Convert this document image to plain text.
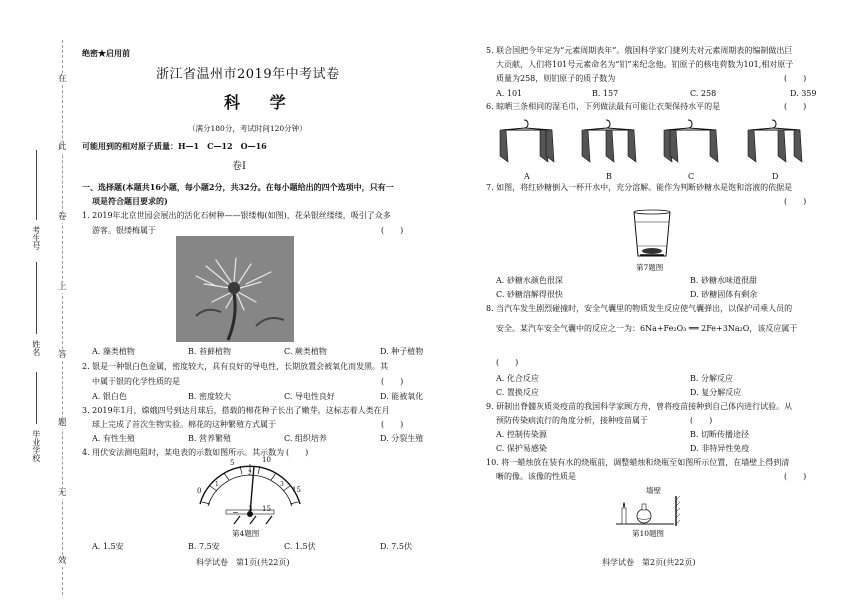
在
此
卷
上
答
题
无
效
考生号
姓名
毕业学校
绝密★启用前
浙江省温州市2019年中考试卷
科 学
（满分180分，考试时间120分钟）
可能用到的相对原子质量：H—1　C—12　O—16
卷Ⅰ
一、选择题(本题共16小题，每小题2分，共32分。在每小题给出的四个选项中，只有一
项是符合题目要求的)
1. 2019年北京世园会展出的活化石树种——银缕梅(如图)，花朵银丝缕缕，吸引了众多
游客。银缕梅属于	(　　)
A. 藻类植物	B. 苔藓植物	C. 蕨类植物	D. 种子植物
2. 银是一种银白色金属，密度较大，具有良好的导电性，长期放置会被氧化而发黑。其
中属于银的化学性质的是	(　　)
A. 银白色	B. 密度较大	C. 导电性良好	D. 能被氧化
3. 2019年1月，嫦娥四号到达月球后，搭载的棉花种子长出了嫩芽，这标志着人类在月
球上完成了首次生物实验。棉花的这种繁殖方式属于	(　　)
A. 有性生殖	B. 营养繁殖	C. 组织培养	D. 分裂生殖
4. 用伏安法测电阻时，某电表的示数如图所示。其示数为 (　　)
0
5	10
15
1
2
3
− 3 15
第4题图
A. 1.5安	B. 7.5安	C. 1.5伏	D. 7.5伏
科学试卷　第1页(共22页)
5. 联合国把今年定为“元素周期表年”。俄国科学家门捷列夫对元素周期表的编制做出巨
大贡献，人们将101号元素命名为“钔”来纪念他。钔原子的核电荷数为101,相对原子
质量为258，则钔原子的质子数为	(　　)
A. 101	B. 157	C. 258	D. 359
6. 晾晒三条相同的湿毛巾，下列做法最有可能让衣架保持水平的是	(　　)
A	B	C	D
7. 如图，将红砂糖倒入一杯开水中，充分溶解。能作为判断砂糖水是饱和溶液的依据是
(　　)
第7题图
A. 砂糖水颜色很深	B. 砂糖水味道很甜
C. 砂糖溶解得很快	D. 砂糖固体有剩余
8. 当汽车发生剧烈碰撞时，安全气囊里的物质发生反应使气囊弹出，以保护司乘人员的
安全。某汽车安全气囊中的反应之一为：6Na+Fe₂O₃ ══ 2Fe+3Na₂O，该反应属于
(　　)
A. 化合反应	B. 分解反应
C. 置换反应	D. 复分解反应
9. 研制出脊髓灰质炎疫苗的我国科学家顾方舟，曾将疫苗接种到自己体内进行试验。从
预防传染病流行的角度分析，接种疫苗属于	(　　)
A. 控制传染源	B. 切断传播途径
C. 保护易感染	D. 非特异性免疫
10. 将一蜡烛放在装有水的烧瓶前，调整蜡烛和烧瓶至如图所示位置，在墙壁上得到清
晰的像。该像的性质是	(　　)
墙壁
第10题图
科学试卷　第2页(共22页)
